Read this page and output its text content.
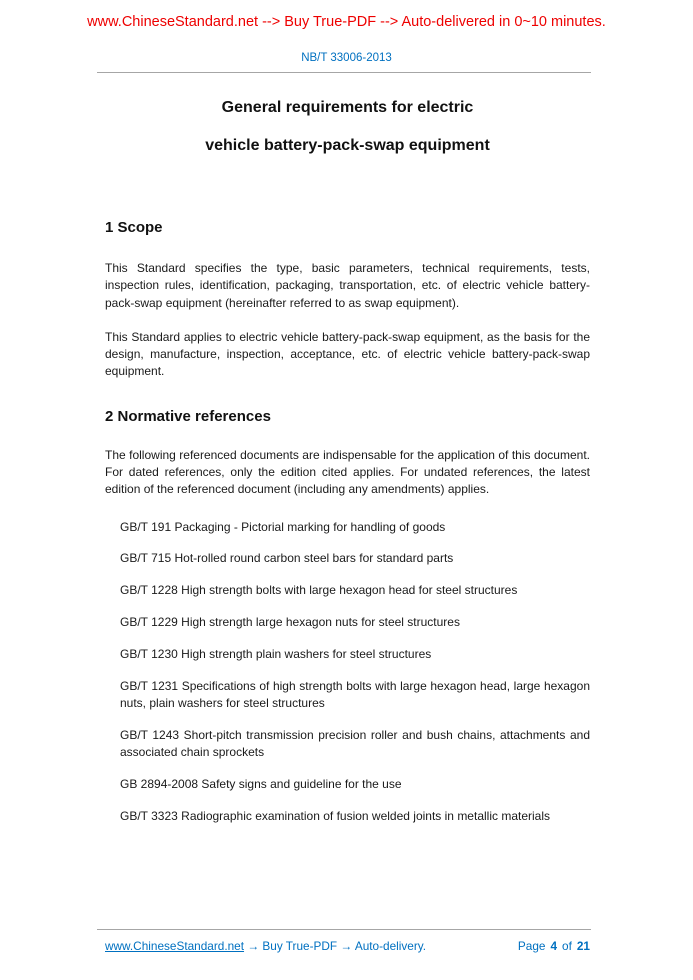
www.ChineseStandard.net --> Buy True-PDF --> Auto-delivered in 0~10 minutes.
NB/T 33006-2013
General requirements for electric
vehicle battery-pack-swap equipment
1 Scope

This Standard specifies the type, basic parameters, technical requirements, tests, inspection rules, identification, packaging, transportation, etc. of electric vehicle battery-pack-swap equipment (hereinafter referred to as swap equipment).

This Standard applies to electric vehicle battery-pack-swap equipment, as the basis for the design, manufacture, inspection, acceptance, etc. of electric vehicle battery-pack-swap equipment.

2 Normative references

The following referenced documents are indispensable for the application of this document. For dated references, only the edition cited applies. For undated references, the latest edition of the referenced document (including any amendments) applies.

GB/T 191 Packaging - Pictorial marking for handling of goods

GB/T 715 Hot-rolled round carbon steel bars for standard parts

GB/T 1228 High strength bolts with large hexagon head for steel structures

GB/T 1229 High strength large hexagon nuts for steel structures

GB/T 1230 High strength plain washers for steel structures

GB/T 1231 Specifications of high strength bolts with large hexagon head, large hexagon nuts, plain washers for steel structures

GB/T 1243 Short-pitch transmission precision roller and bush chains, attachments and associated chain sprockets

GB 2894-2008 Safety signs and guideline for the use

GB/T 3323 Radiographic examination of fusion welded joints in metallic materials

www.ChineseStandard.net → Buy True-PDF → Auto-delivery.	Page 4 of 21
